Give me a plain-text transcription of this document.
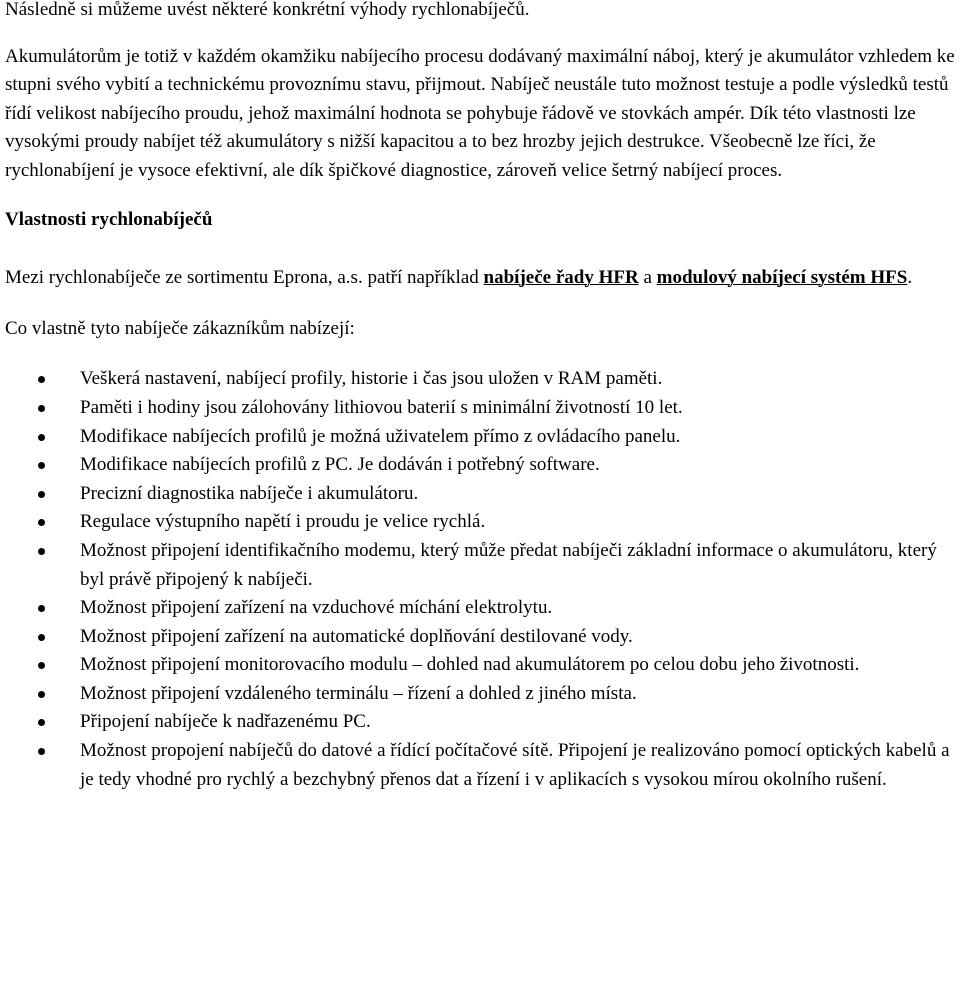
Následně si můžeme uvést některé konkrétní výhody rychlonabíječů.

Akumulátorům je totiž v každém okamžiku nabíjecího procesu dodávaný maximální náboj, který je akumulátor vzhledem ke stupni svého vybití a technickému provoznímu stavu, přijmout. Nabíječ neustále tuto možnost testuje a podle výsledků testů řídí velikost nabíjecího proudu, jehož maximální hodnota se pohybuje řádově ve stovkách ampér. Dík této vlastnosti lze vysokými proudy nabíjet též akumulátory s nižší kapacitou a to bez hrozby jejich destrukce. Všeobecně lze říci, že rychlonabíjení je vysoce efektivní, ale dík špičkové diagnostice, zároveň velice šetrný nabíjecí proces.

Vlastnosti rychlonabíječů

Mezi rychlonabíječe ze sortimentu Eprona, a.s. patří například nabíječe řady HFR a modulový nabíjecí systém HFS.

Co vlastně tyto nabíječe zákazníkům nabízejí:

Veškerá nastavení, nabíjecí profily, historie i čas jsou uložen v RAM paměti.
Paměti i hodiny jsou zálohovány lithiovou baterií s minimální životností 10 let.
Modifikace nabíjecích profilů je možná uživatelem přímo z ovládacího panelu.
Modifikace nabíjecích profilů z PC. Je dodáván i potřebný software.
Precizní diagnostika nabíječe i akumulátoru.
Regulace výstupního napětí i proudu je velice rychlá.
Možnost připojení identifikačního modemu, který může předat nabíječi základní informace o akumulátoru, který byl právě připojený k nabíječi.
Možnost připojení zařízení na vzduchové míchání elektrolytu.
Možnost připojení zařízení na automatické doplňování destilované vody.
Možnost připojení monitorovacího modulu – dohled nad akumulátorem po celou dobu jeho životnosti.
Možnost připojení vzdáleného terminálu – řízení a dohled z jiného místa.
Připojení nabíječe k nadřazenému PC.
Možnost propojení nabíječů do datové a řídící počítačové sítě. Připojení je realizováno pomocí optických kabelů a je tedy vhodné pro rychlý a bezchybný přenos dat a řízení i v aplikacích s vysokou mírou okolního rušení.
